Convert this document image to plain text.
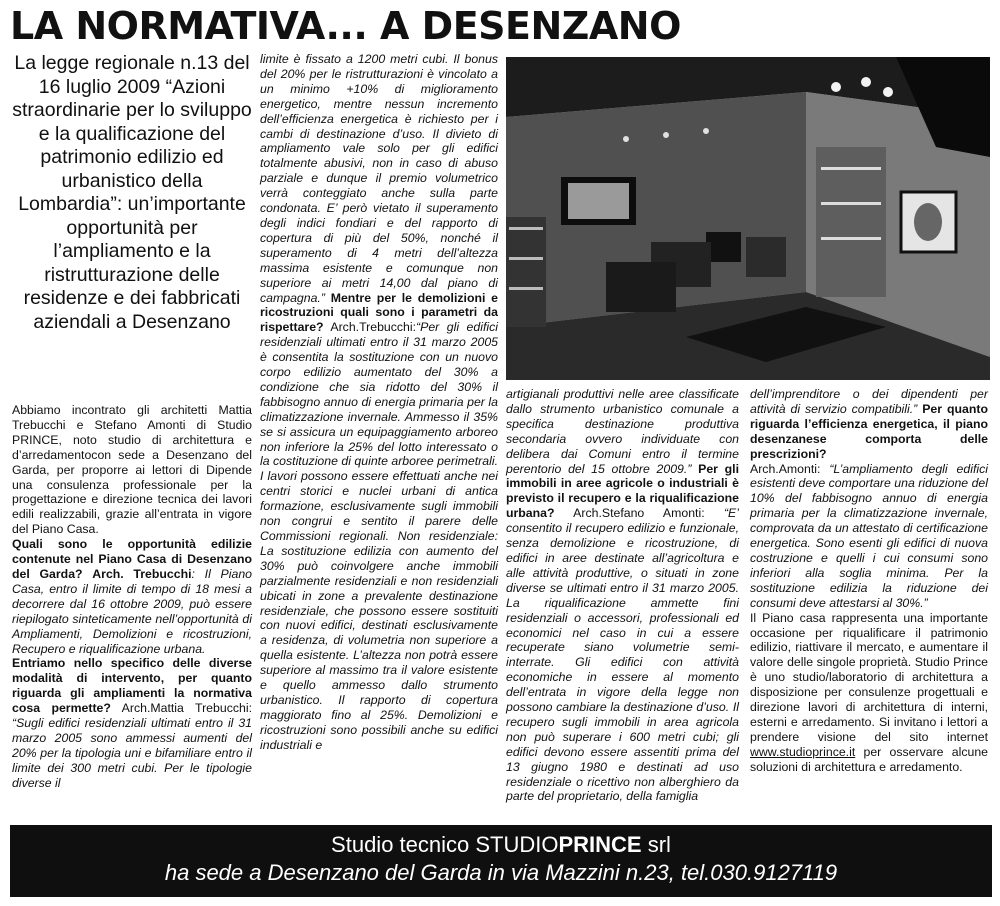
LA NORMATIVA... A DESENZANO

La legge regionale n.13 del 16 luglio 2009 “Azioni straordinarie per lo sviluppo e la qualificazione del patrimonio edilizio ed urbanistico della Lombardia”: un’importante opportunità per l’ampliamento e la ristrutturazione delle residenze e dei fabbricati aziendali a Desenzano

Abbiamo incontrato gli architetti Mattia Trebucchi e Stefano Amonti di Studio PRINCE, noto studio di architettura e d’arredamentocon sede a Desenzano del Garda, per proporre ai lettori di Dipende una consulenza professionale per la progettazione e direzione tecnica dei lavori edili realizzabili, grazie all’entrata in vigore del Piano Casa.

Quali sono le opportunità edilizie contenute nel Piano Casa di Desenzano del Garda? Arch. Trebucchi: Il Piano Casa, entro il limite di tempo di 18 mesi a decorrere dal 16 ottobre 2009, può essere riepilogato sinteticamente nell’opportunità di Ampliamenti, Demolizioni e ricostruzioni, Recupero e riqualificazione urbana.

Entriamo nello specifico delle diverse modalità di intervento, per quanto riguarda gli ampliamenti la normativa cosa permette? Arch.Mattia Trebucchi: “Sugli edifici residenziali ultimati entro il 31 marzo 2005 sono ammessi aumenti del 20% per la tipologia uni e bifamiliare entro il limite dei 300 metri cubi. Per le tipologie diverse il

limite è fissato a 1200 metri cubi. Il bonus del 20% per le ristrutturazioni è vincolato a un minimo +10% di miglioramento energetico, mentre nessun incremento dell’efficienza energetica è richiesto per i cambi di destinazione d’uso. Il divieto di ampliamento vale solo per gli edifici totalmente abusivi, non in caso di abuso parziale e dunque il premio volumetrico verrà conteggiato anche sulla parte condonata. E’ però vietato il superamento degli indici fondiari e del rapporto di copertura di più del 50%, nonché il superamento di 4 metri dell’altezza massima esistente e comunque non superiore ai metri 14,00 dal piano di campagna.” Mentre per le demolizioni e ricostruzioni quali sono i parametri da rispettare? Arch.Trebucchi:“Per gli edifici residenziali ultimati entro il 31 marzo 2005 è consentita la sostituzione con un nuovo corpo edilizio aumentato del 30% a condizione che sia ridotto del 30% il fabbisogno annuo di energia primaria per la climatizzazione invernale. Ammesso il 35% se si assicura un equipaggiamento arboreo non inferiore la 25% del lotto interessato o la costituzione di quinte arboree perimetrali. I lavori possono essere effettuati anche nei centri storici e nuclei urbani di antica formazione, esclusivamente sugli immobili non congrui e sentito il parere delle Commissioni regionali. Non residenziale: La sostituzione edilizia con aumento del 30% può coinvolgere anche immobili parzialmente residenziali e non residenziali ubicati in zone a prevalente destinazione residenziale, che possono essere sostituiti con nuovi edifici, destinati esclusivamente a residenza, di volumetria non superiore a quella esistente. L’altezza non potrà essere superiore al massimo tra il valore esistente e quello ammesso dallo strumento urbanistico. Il rapporto di copertura maggiorato fino al 25%. Demolizioni e ricostruzioni sono possibili anche su edifici industriali e

artigianali produttivi nelle aree classificate dallo strumento urbanistico comunale a specifica destinazione produttiva secondaria ovvero individuate con delibera dai Comuni entro il termine perentorio del 15 ottobre 2009.” Per gli immobili in aree agricole o industriali è previsto il recupero e la riqualificazione urbana? Arch.Stefano Amonti: “E’ consentito il recupero edilizio e funzionale, senza demolizione e ricostruzione, di edifici in aree destinate all’agricoltura e alle attività produttive, o situati in zone diverse se ultimati entro il 31 marzo 2005. La riqualificazione ammette fini residenziali o accessori, professionali ed economici nel caso in cui a essere recuperate siano volumetrie semi-interrate. Gli edifici con attività economiche in essere al momento dell’entrata in vigore della legge non possono cambiare la destinazione d’uso. Il recupero sugli immobili in area agricola non può superare i 600 metri cubi; gli edifici devono essere assentiti prima del 13 giugno 1980 e destinati ad uso residenziale o ricettivo non alberghiero da parte del proprietario, della famiglia

dell’imprenditore o dei dipendenti per attività di servizio compatibili.” Per quanto riguarda l’efficienza energetica, il piano desenzanese comporta delle prescrizioni?

Arch.Amonti: “L’ampliamento degli edifici esistenti deve comportare una riduzione del 10% del fabbisogno annuo di energia primaria per la climatizzazione invernale, comprovata da un attestato di certificazione energetica. Sono esenti gli edifici di nuova costruzione e quelli i cui consumi sono inferiori alla soglia minima. Per la sostituzione edilizia la riduzione dei consumi deve attestarsi al 30%.”

Il Piano casa rappresenta una importante occasione per riqualificare il patrimonio edilizio, riattivare il mercato, e aumentare il valore delle singole proprietà. Studio Prince è uno studio/laboratorio di architettura a disposizione per consulenze progettuali e direzione lavori di architettura di interni, esterni e arredamento. Si invitano i lettori a prendere visione del sito internet www.studioprince.it per osservare alcune soluzioni di architettura e arredamento.

Studio tecnico STUDIOPRINCE srl
ha sede a Desenzano del Garda in via Mazzini n.23, tel.030.9127119
